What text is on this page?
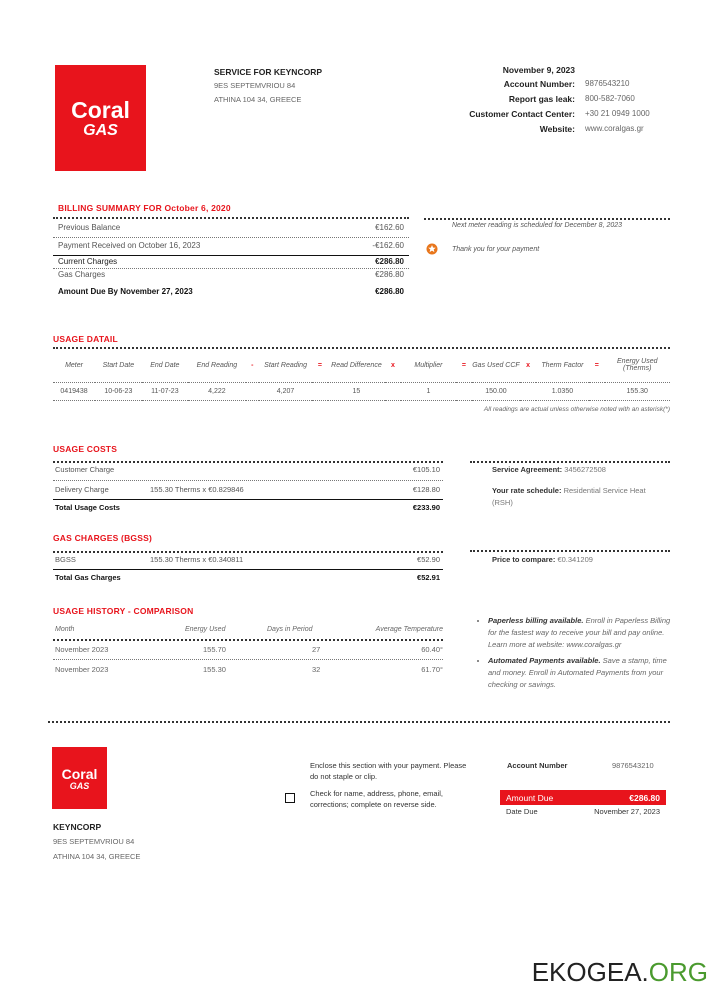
Coral
GAS
SERVICE FOR KEYNCORP
9ES SEPTEMVRIOU 84
ATHINA 104 34, GREECE
November 9, 2023
Account Number: 9876543210
Report gas leak: 800-582-7060
Customer Contact Center: +30 21 0949 1000
Website: www.coralgas.gr
BILLING SUMMARY FOR October 6, 2020
Previous Balance	€162.60
Payment Received on October 16, 2023	-€162.60
Current Charges	€286.80
Gas Charges	€286.80
Amount Due By November 27, 2023	€286.80
Next meter reading is scheduled for December 8, 2023
Thank you for your payment
USAGE DATAIL
Meter	Start Date	End Date	End Reading	-	Start Reading	=	Read Difference	x	Multiplier	=	Gas Used CCF	x	Therm Factor	=	Energy Used (Therms)
0419438	10-06-23	11-07-23	4,222		4,207		15		1		150.00		1.0350		155.30
All readings are actual unless otherwise noted with an asterisk(*)
USAGE COSTS
Customer Charge	€105.10
Delivery Charge	155.30 Therms x €0.829846	€128.80
Total Usage Costs	€233.90
Service Agreement: 3456272508
Your rate schedule: Residential Service Heat (RSH)
GAS CHARGES (BGSS)
BGSS	155.30 Therms x €0.340811	€52.90
Total Gas Charges	€52.91
Price to compare: €0.341209
USAGE HISTORY - COMPARISON
Month	Energy Used	Days in Period	Average Temperature
November 2023	155.70	27	60.40°
November 2023	155.30	32	61.70°
• Paperless billing available. Enroll in Paperless Billing for the fastest way to receive your bill and pay online. Learn more at website: www.coralgas.gr
• Automated Payments available. Save a stamp, time and money. Enroll in Automated Payments from your checking or savings.
Coral
GAS
KEYNCORP
9ES SEPTEMVRIOU 84
ATHINA 104 34, GREECE
Enclose this section with your payment. Please do not staple or clip.
Check for name, address, phone, email, corrections; complete on reverse side.
Account Number	9876543210
Amount Due	€286.80
Date Due	November 27, 2023
EKOGEA.ORG
